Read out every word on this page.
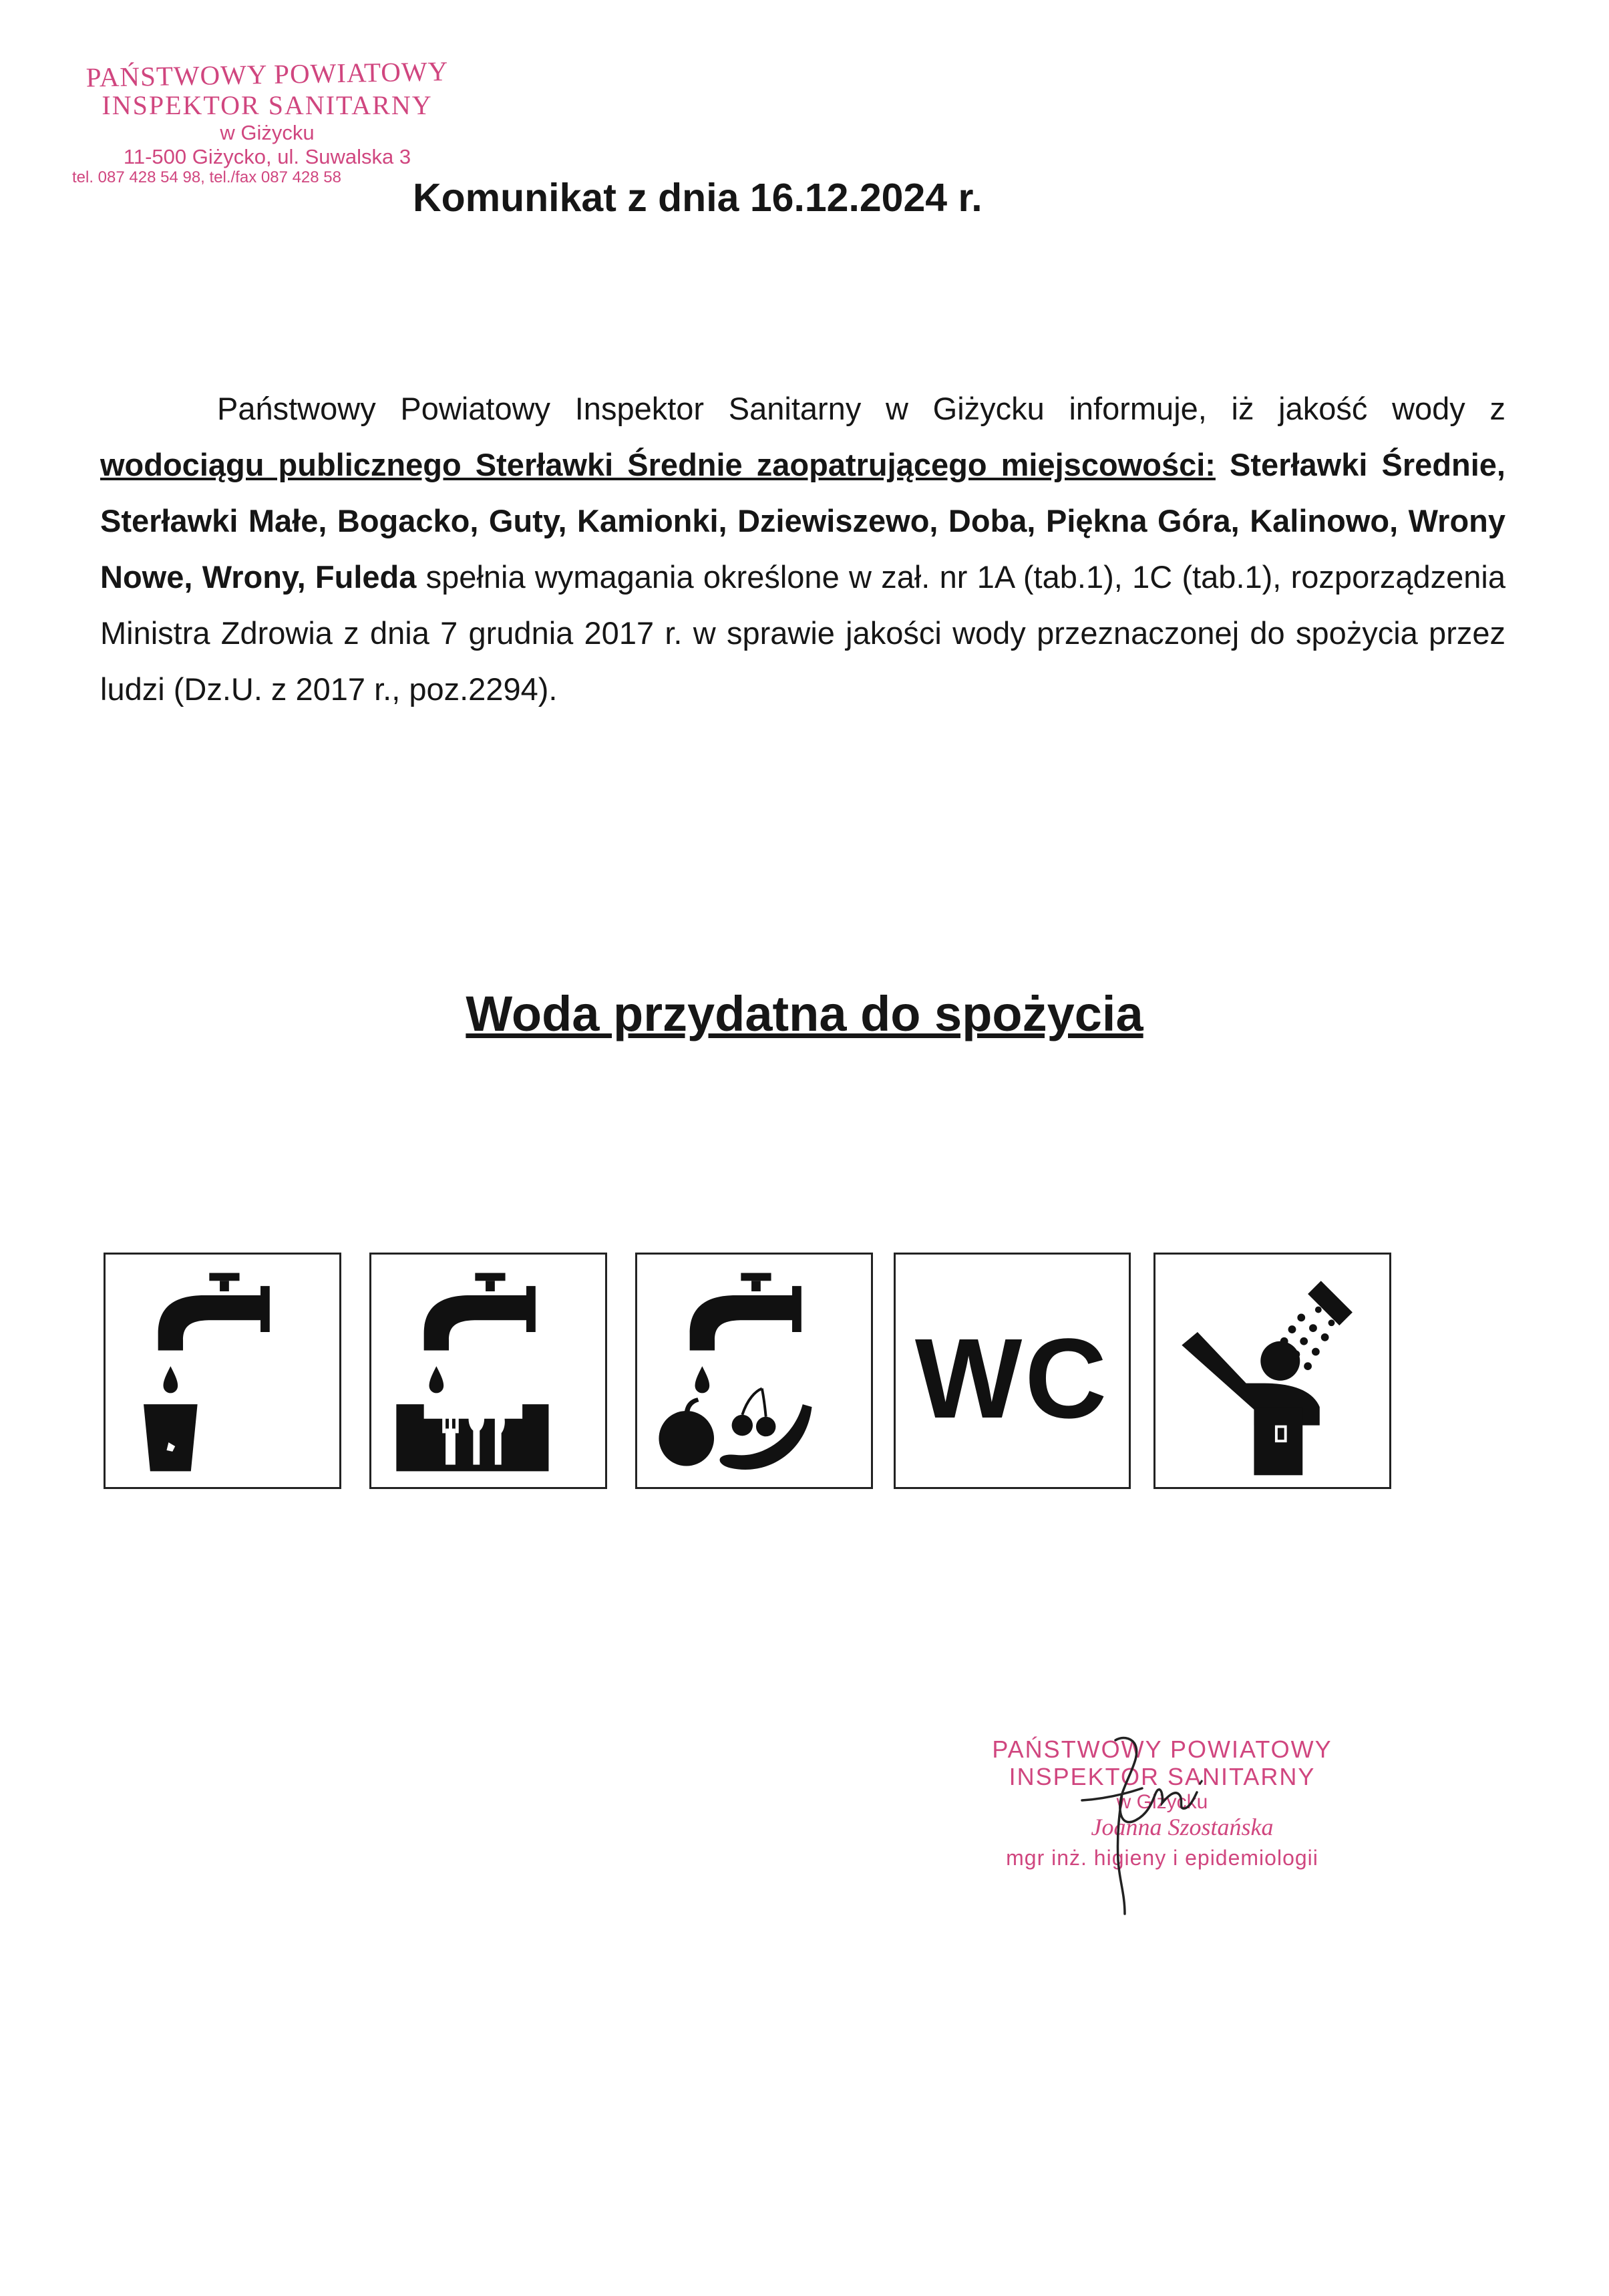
PAŃSTWOWY POWIATOWY
INSPEKTOR SANITARNY
w Giżycku
11-500 Giżycko, ul. Suwalska 3
tel. 087 428 54 98, tel./fax 087 428 58	Komunikat z dnia 16.12.2024 r.
Państwowy Powiatowy Inspektor Sanitarny w Giżycku informuje, iż jakość wody z wodociągu publicznego Sterławki Średnie zaopatrującego miejscowości: Sterławki Średnie, Sterławki Małe, Bogacko, Guty, Kamionki, Dziewiszewo, Doba, Piękna Góra, Kalinowo, Wrony Nowe, Wrony, Fuleda spełnia wymagania określone w zał. nr 1A (tab.1), 1C (tab.1), rozporządzenia Ministra Zdrowia z dnia 7 grudnia 2017 r. w sprawie jakości wody przeznaczonej do spożycia przez ludzi (Dz.U. z 2017 r., poz.2294).
Woda przydatna do spożycia
WC
PAŃSTWOWY POWIATOWY
INSPEKTOR SANITARNY
w Giżycku
Joanna Szostańska
mgr inż. higieny i epidemiologii
